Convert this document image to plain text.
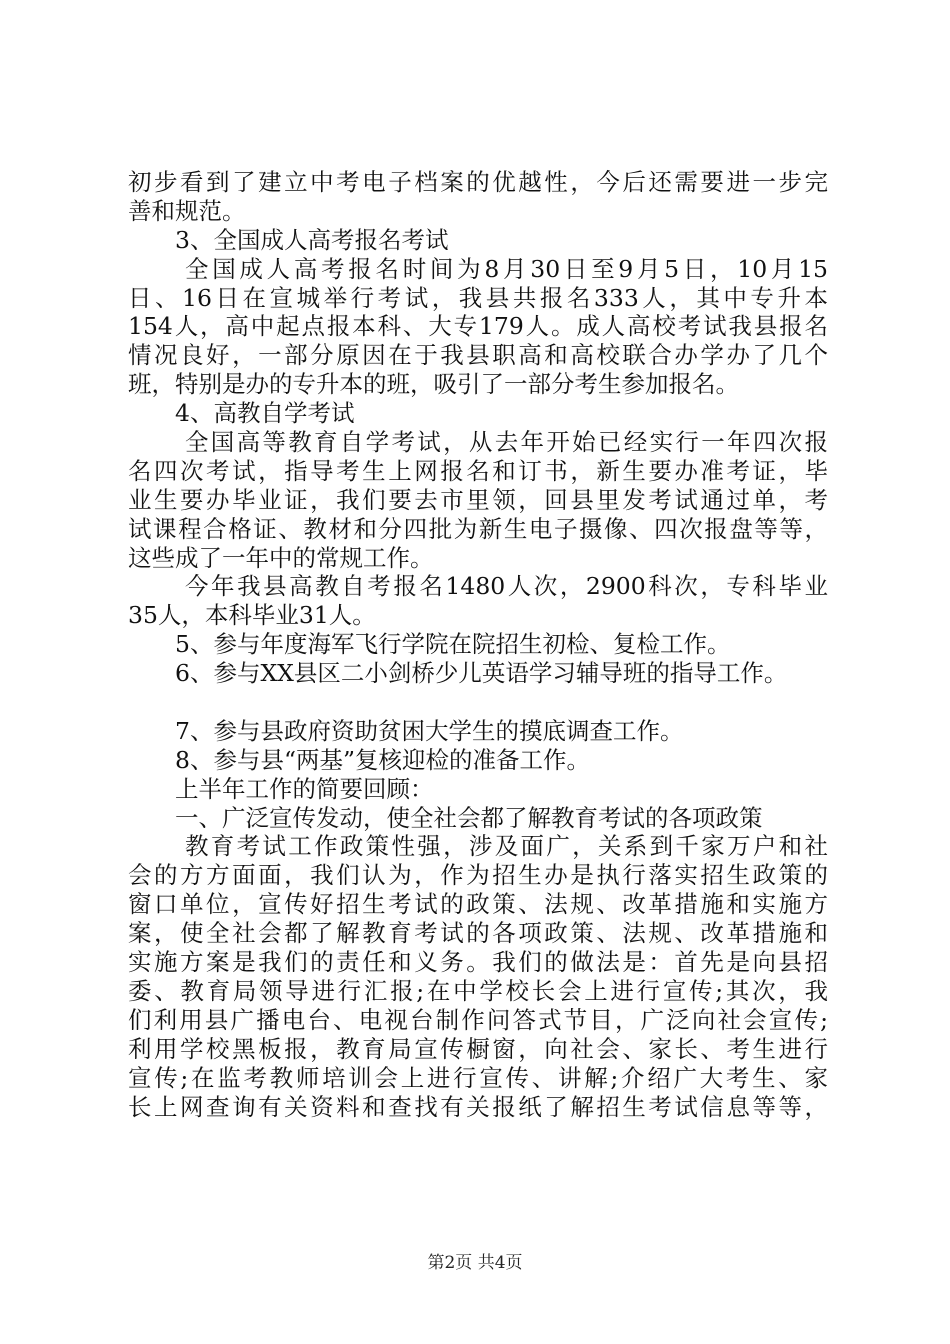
初步看到了建立中考电子档案的优越性，今后还需要进一步完
善和规范。
3、全国成人高考报名考试
全国成人高考报名时间为8月30日至9月5日，10月15
日、16日在宣城举行考试，我县共报名333人，其中专升本
154人，高中起点报本科、大专179人。成人高校考试我县报名
情况良好，一部分原因在于我县职高和高校联合办学办了几个
班，特别是办的专升本的班，吸引了一部分考生参加报名。
4、高教自学考试
全国高等教育自学考试，从去年开始已经实行一年四次报
名四次考试，指导考生上网报名和订书，新生要办准考证，毕
业生要办毕业证，我们要去市里领，回县里发考试通过单，考
试课程合格证、教材和分四批为新生电子摄像、四次报盘等等，
这些成了一年中的常规工作。
今年我县高教自考报名1480人次，2900科次，专科毕业
35人，本科毕业31人。
5、参与年度海军飞行学院在院招生初检、复检工作。
6、参与XX县区二小剑桥少儿英语学习辅导班的指导工作。
7、参与县政府资助贫困大学生的摸底调查工作。
8、参与县“两基”复核迎检的准备工作。
上半年工作的简要回顾：
一、广泛宣传发动，使全社会都了解教育考试的各项政策
教育考试工作政策性强，涉及面广，关系到千家万户和社
会的方方面面，我们认为，作为招生办是执行落实招生政策的
窗口单位，宣传好招生考试的政策、法规、改革措施和实施方
案，使全社会都了解教育考试的各项政策、法规、改革措施和
实施方案是我们的责任和义务。我们的做法是：首先是向县招
委、教育局领导进行汇报;在中学校长会上进行宣传;其次，我
们利用县广播电台、电视台制作问答式节目，广泛向社会宣传;
利用学校黑板报，教育局宣传橱窗，向社会、家长、考生进行
宣传;在监考教师培训会上进行宣传、讲解;介绍广大考生、家
长上网查询有关资料和查找有关报纸了解招生考试信息等等，
第2页 共4页
